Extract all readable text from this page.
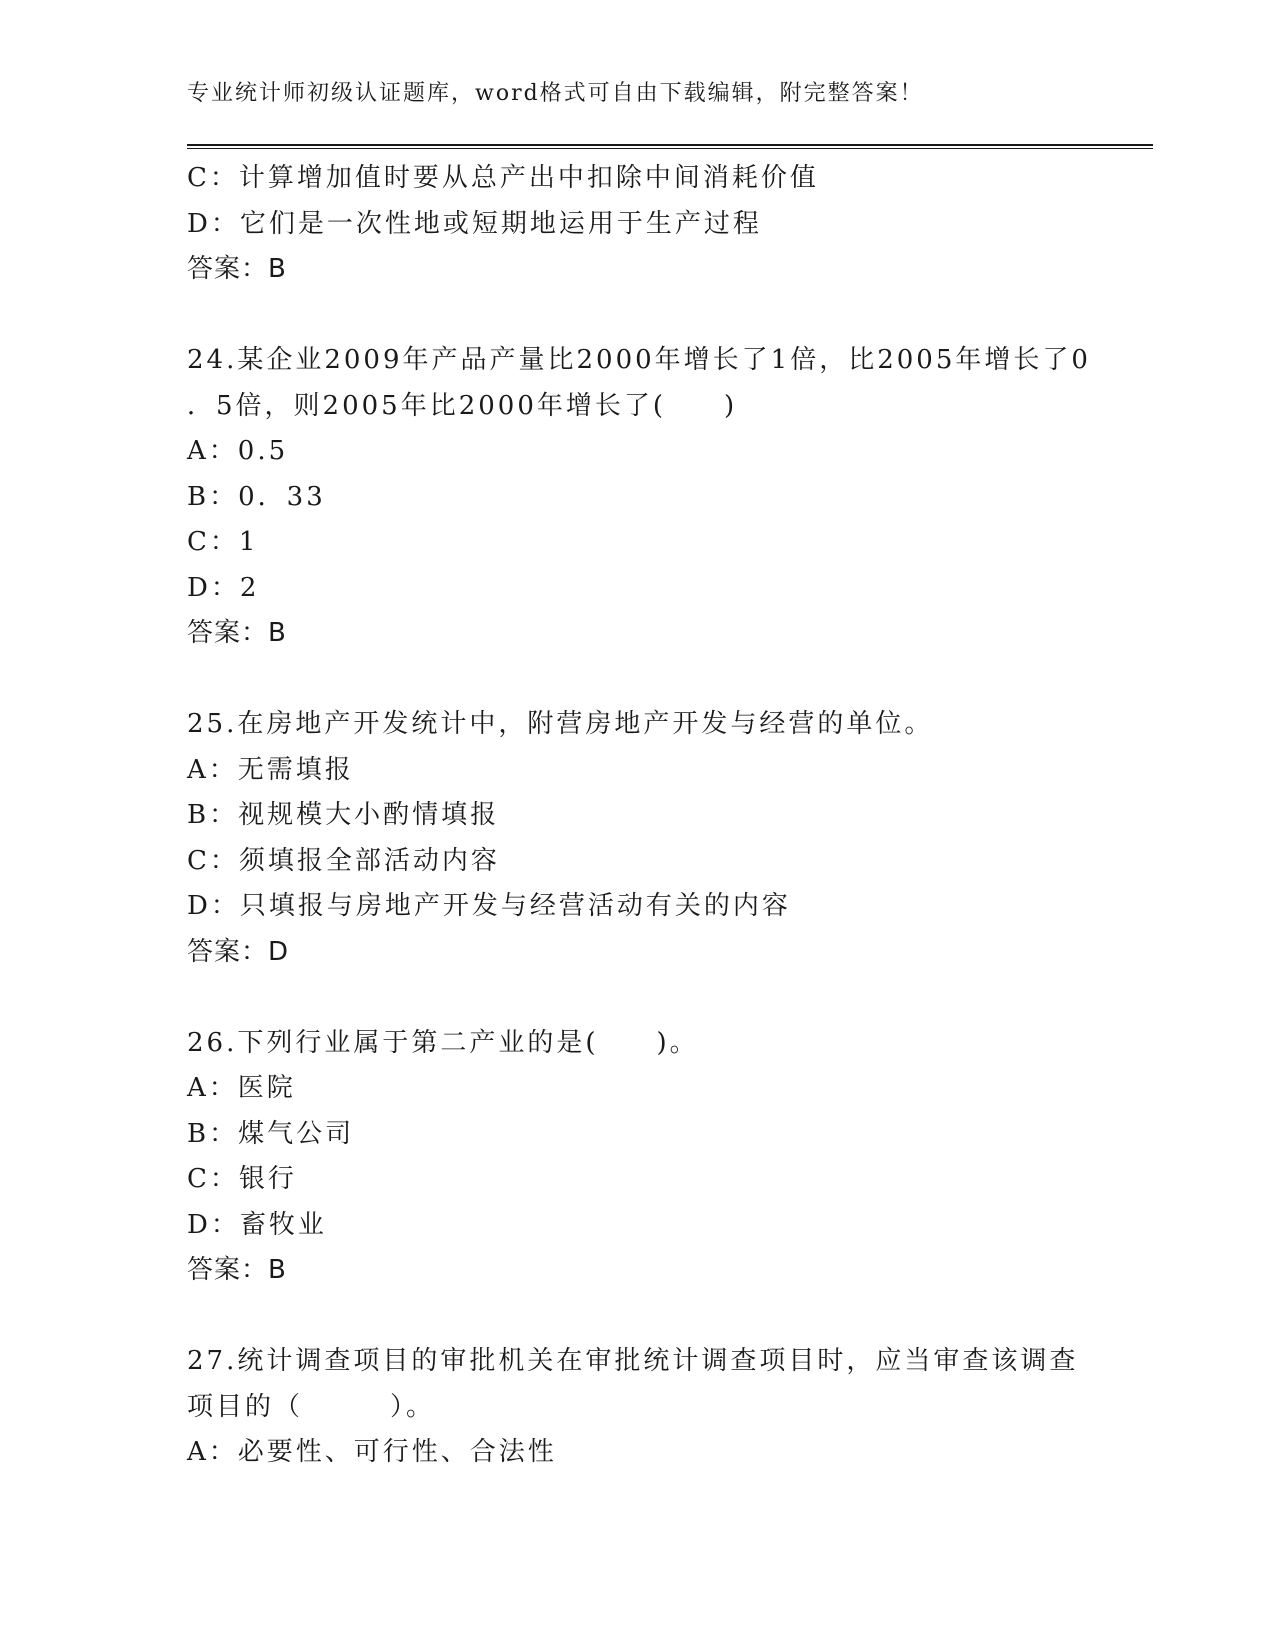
专业统计师初级认证题库，word格式可自由下载编辑，附完整答案！
C：计算增加值时要从总产出中扣除中间消耗价值
D：它们是一次性地或短期地运用于生产过程
答案：B
24.某企业2009年产品产量比2000年增长了1倍，比2005年增长了0
．5倍，则2005年比2000年增长了(　　)
A：0.5
B：0．33
C：1
D：2
答案：B
25.在房地产开发统计中，附营房地产开发与经营的单位。
A：无需填报
B：视规模大小酌情填报
C：须填报全部活动内容
D：只填报与房地产开发与经营活动有关的内容
答案：D
26.下列行业属于第二产业的是(　　)。
A：医院
B：煤气公司
C：银行
D：畜牧业
答案：B
27.统计调查项目的审批机关在审批统计调查项目时，应当审查该调查
项目的（　　　）。
A：必要性、可行性、合法性
